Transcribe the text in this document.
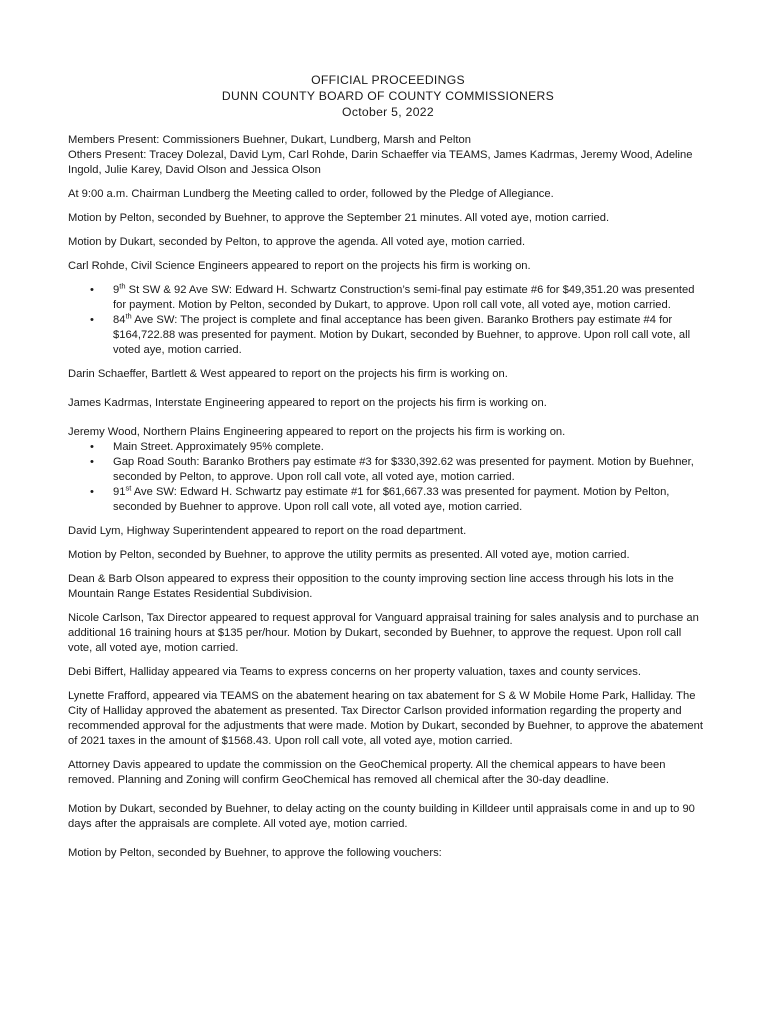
OFFICIAL PROCEEDINGS
DUNN COUNTY BOARD OF COUNTY COMMISSIONERS
October 5, 2022

Members Present: Commissioners Buehner, Dukart, Lundberg, Marsh and Pelton

Others Present: Tracey Dolezal, David Lym, Carl Rohde, Darin Schaeffer via TEAMS, James Kadrmas, Jeremy Wood, Adeline Ingold, Julie Karey, David Olson and Jessica Olson

At 9:00 a.m. Chairman Lundberg the Meeting called to order, followed by the Pledge of Allegiance.

Motion by Pelton, seconded by Buehner, to approve the September 21 minutes. All voted aye, motion carried.

Motion by Dukart, seconded by Pelton, to approve the agenda. All voted aye, motion carried.

Carl Rohde, Civil Science Engineers appeared to report on the projects his firm is working on.

• 9th St SW & 92 Ave SW: Edward H. Schwartz Construction’s semi-final pay estimate #6 for $49,351.20 was presented for payment. Motion by Pelton, seconded by Dukart, to approve. Upon roll call vote, all voted aye, motion carried.
• 84th Ave SW: The project is complete and final acceptance has been given. Baranko Brothers pay estimate #4 for $164,722.88 was presented for payment. Motion by Dukart, seconded by Buehner, to approve. Upon roll call vote, all voted aye, motion carried.

Darin Schaeffer, Bartlett & West appeared to report on the projects his firm is working on.

James Kadrmas, Interstate Engineering appeared to report on the projects his firm is working on.

Jeremy Wood, Northern Plains Engineering appeared to report on the projects his firm is working on.

• Main Street. Approximately 95% complete.
• Gap Road South: Baranko Brothers pay estimate #3 for $330,392.62 was presented for payment. Motion by Buehner, seconded by Pelton, to approve. Upon roll call vote, all voted aye, motion carried.
• 91st Ave SW: Edward H. Schwartz pay estimate #1 for $61,667.33 was presented for payment. Motion by Pelton, seconded by Buehner to approve. Upon roll call vote, all voted aye, motion carried.

David Lym, Highway Superintendent appeared to report on the road department.

Motion by Pelton, seconded by Buehner, to approve the utility permits as presented. All voted aye, motion carried.

Dean & Barb Olson appeared to express their opposition to the county improving section line access through his lots in the Mountain Range Estates Residential Subdivision.

Nicole Carlson, Tax Director appeared to request approval for Vanguard appraisal training for sales analysis and to purchase an additional 16 training hours at $135 per/hour. Motion by Dukart, seconded by Buehner, to approve the request. Upon roll call vote, all voted aye, motion carried.

Debi Biffert, Halliday appeared via Teams to express concerns on her property valuation, taxes and county services.

Lynette Frafford, appeared via TEAMS on the abatement hearing on tax abatement for S & W Mobile Home Park, Halliday. The City of Halliday approved the abatement as presented. Tax Director Carlson provided information regarding the property and recommended approval for the adjustments that were made. Motion by Dukart, seconded by Buehner, to approve the abatement of 2021 taxes in the amount of $1568.43. Upon roll call vote, all voted aye, motion carried.

Attorney Davis appeared to update the commission on the GeoChemical property. All the chemical appears to have been removed. Planning and Zoning will confirm GeoChemical has removed all chemical after the 30-day deadline.

Motion by Dukart, seconded by Buehner, to delay acting on the county building in Killdeer until appraisals come in and up to 90 days after the appraisals are complete. All voted aye, motion carried.

Motion by Pelton, seconded by Buehner, to approve the following vouchers:
